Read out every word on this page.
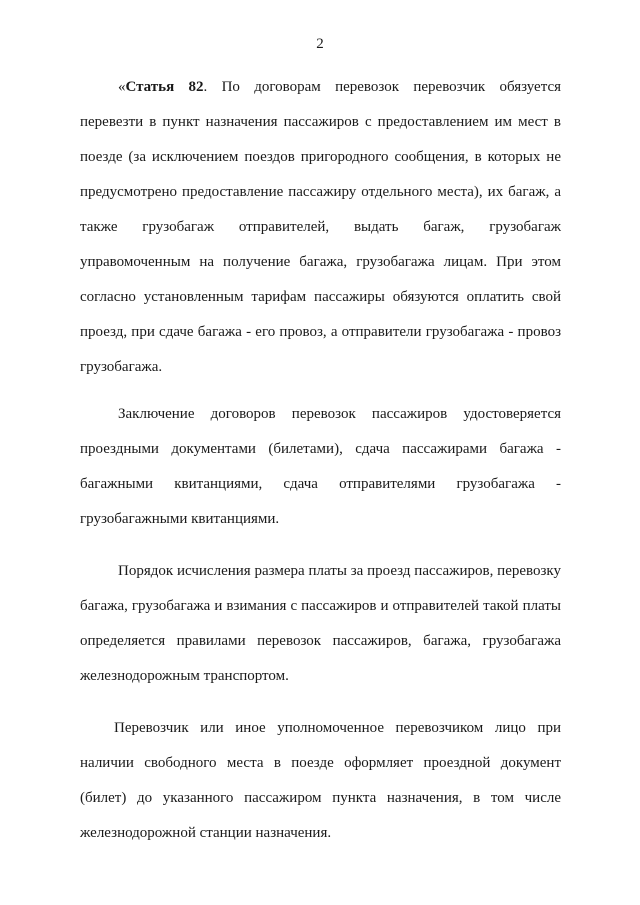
2

«Статья 82. По договорам перевозок перевозчик обязуется перевезти в пункт назначения пассажиров с предоставлением им мест в поезде (за исключением поездов пригородного сообщения, в которых не предусмотрено предоставление пассажиру отдельного места), их багаж, а также грузобагаж отправителей, выдать багаж, грузобагаж управомоченным на получение багажа, грузобагажа лицам. При этом согласно установленным тарифам пассажиры обязуются оплатить свой проезд, при сдаче багажа - его провоз, а отправители грузобагажа - провоз грузобагажа.

Заключение договоров перевозок пассажиров удостоверяется проездными документами (билетами), сдача пассажирами багажа - багажными квитанциями, сдача отправителями грузобагажа - грузобагажными квитанциями.

Порядок исчисления размера платы за проезд пассажиров, перевозку багажа, грузобагажа и взимания с пассажиров и отправителей такой платы определяется правилами перевозок пассажиров, багажа, грузобагажа железнодорожным транспортом.

Перевозчик или иное уполномоченное перевозчиком лицо при наличии свободного места в поезде оформляет проездной документ (билет) до указанного пассажиром пункта назначения, в том числе железнодорожной станции назначения.
